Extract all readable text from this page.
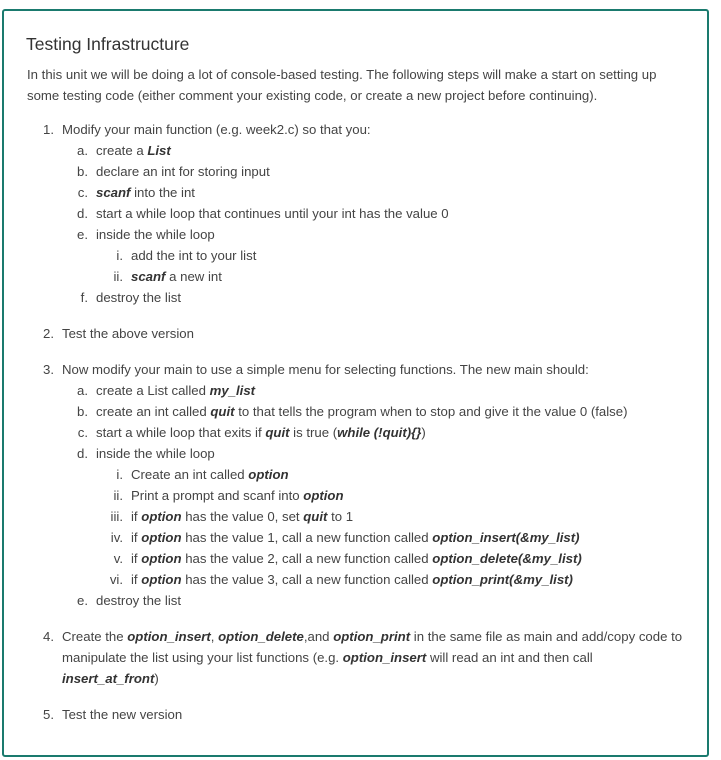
Testing Infrastructure
In this unit we will be doing a lot of console-based testing. The following steps will make a start on setting up some testing code (either comment your existing code, or create a new project before continuing).
1. Modify your main function (e.g. week2.c) so that you:
a. create a List
b. declare an int for storing input
c. scanf into the int
d. start a while loop that continues until your int has the value 0
e. inside the while loop
i. add the int to your list
ii. scanf a new int
f. destroy the list
2. Test the above version
3. Now modify your main to use a simple menu for selecting functions. The new main should:
a. create a List called my_list
b. create an int called quit to that tells the program when to stop and give it the value 0 (false)
c. start a while loop that exits if quit is true (while (!quit){})
d. inside the while loop
i. Create an int called option
ii. Print a prompt and scanf into option
iii. if option has the value 0, set quit to 1
iv. if option has the value 1, call a new function called option_insert(&my_list)
v. if option has the value 2, call a new function called option_delete(&my_list)
vi. if option has the value 3, call a new function called option_print(&my_list)
e. destroy the list
4. Create the option_insert, option_delete,and option_print in the same file as main and add/copy code to
manipulate the list using your list functions (e.g. option_insert will read an int and then call
insert_at_front)
5. Test the new version
